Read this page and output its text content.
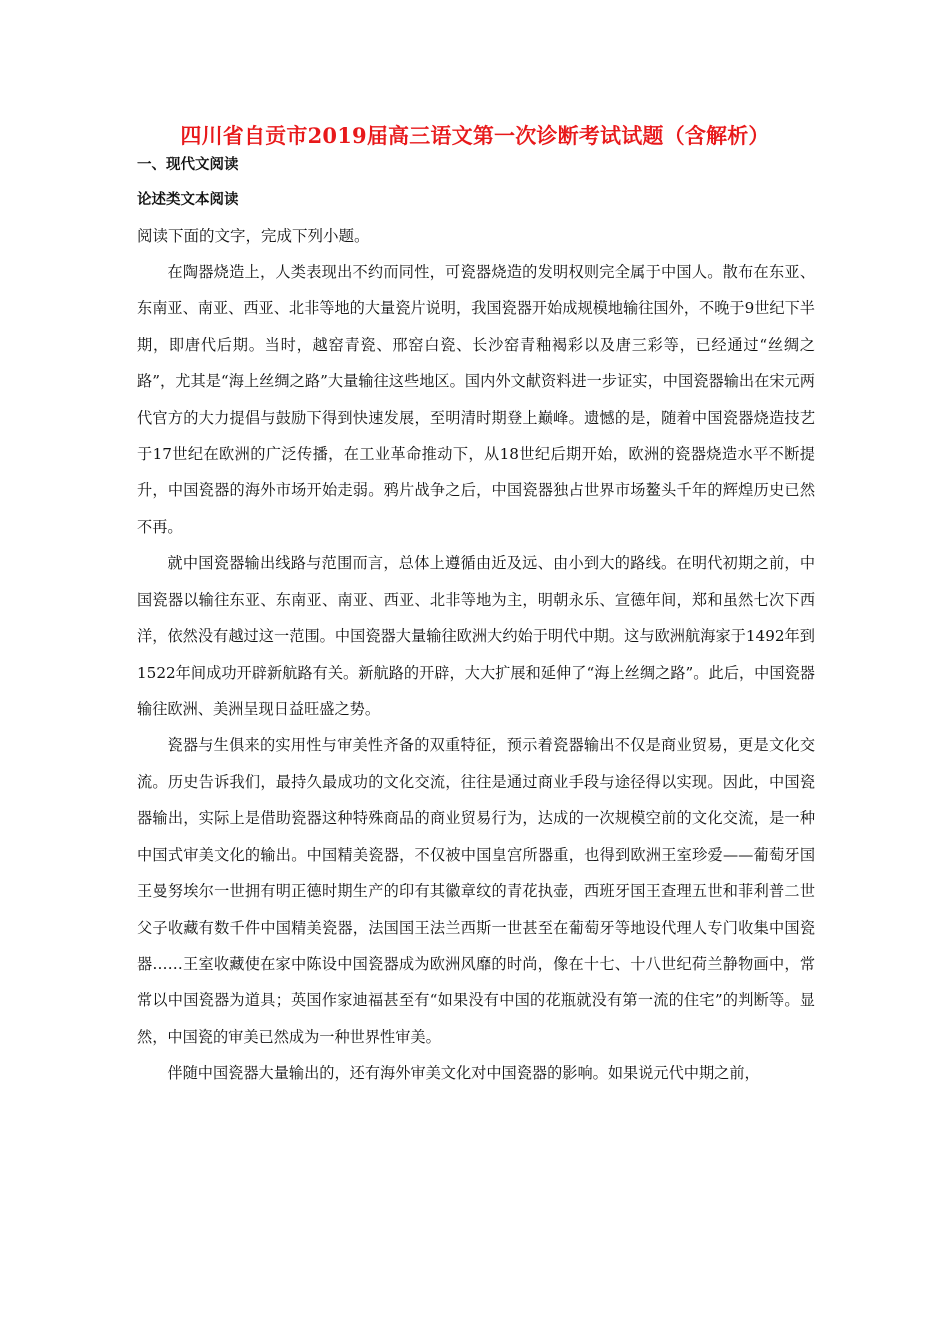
四川省自贡市2019届高三语文第一次诊断考试试题（含解析）
一、现代文阅读
论述类文本阅读
阅读下面的文字，完成下列小题。

在陶器烧造上，人类表现出不约而同性，可瓷器烧造的发明权则完全属于中国人。散布在东亚、东南亚、南亚、西亚、北非等地的大量瓷片说明，我国瓷器开始成规模地输往国外，不晚于9世纪下半期，即唐代后期。当时，越窑青瓷、邢窑白瓷、长沙窑青釉褐彩以及唐三彩等，已经通过“丝绸之路”，尤其是“海上丝绸之路”大量输往这些地区。国内外文献资料进一步证实，中国瓷器输出在宋元两代官方的大力提倡与鼓励下得到快速发展，至明清时期登上巅峰。遗憾的是，随着中国瓷器烧造技艺于17世纪在欧洲的广泛传播，在工业革命推动下，从18世纪后期开始，欧洲的瓷器烧造水平不断提升，中国瓷器的海外市场开始走弱。鸦片战争之后，中国瓷器独占世界市场鳌头千年的辉煌历史已然不再。

就中国瓷器输出线路与范围而言，总体上遵循由近及远、由小到大的路线。在明代初期之前，中国瓷器以输往东亚、东南亚、南亚、西亚、北非等地为主，明朝永乐、宣德年间，郑和虽然七次下西洋，依然没有越过这一范围。中国瓷器大量输往欧洲大约始于明代中期。这与欧洲航海家于1492年到1522年间成功开辟新航路有关。新航路的开辟，大大扩展和延伸了“海上丝绸之路”。此后，中国瓷器输往欧洲、美洲呈现日益旺盛之势。

瓷器与生俱来的实用性与审美性齐备的双重特征，预示着瓷器输出不仅是商业贸易，更是文化交流。历史告诉我们，最持久最成功的文化交流，往往是通过商业手段与途径得以实现。因此，中国瓷器输出，实际上是借助瓷器这种特殊商品的商业贸易行为，达成的一次规模空前的文化交流，是一种中国式审美文化的输出。中国精美瓷器，不仅被中国皇宫所器重，也得到欧洲王室珍爱——葡萄牙国王曼努埃尔一世拥有明正德时期生产的印有其徽章纹的青花执壶，西班牙国王查理五世和菲利普二世父子收藏有数千件中国精美瓷器，法国国王法兰西斯一世甚至在葡萄牙等地设代理人专门收集中国瓷器……王室收藏使在家中陈设中国瓷器成为欧洲风靡的时尚，像在十七、十八世纪荷兰静物画中，常常以中国瓷器为道具；英国作家迪福甚至有“如果没有中国的花瓶就没有第一流的住宅”的判断等。显然，中国瓷的审美已然成为一种世界性审美。

伴随中国瓷器大量输出的，还有海外审美文化对中国瓷器的影响。如果说元代中期之前，
